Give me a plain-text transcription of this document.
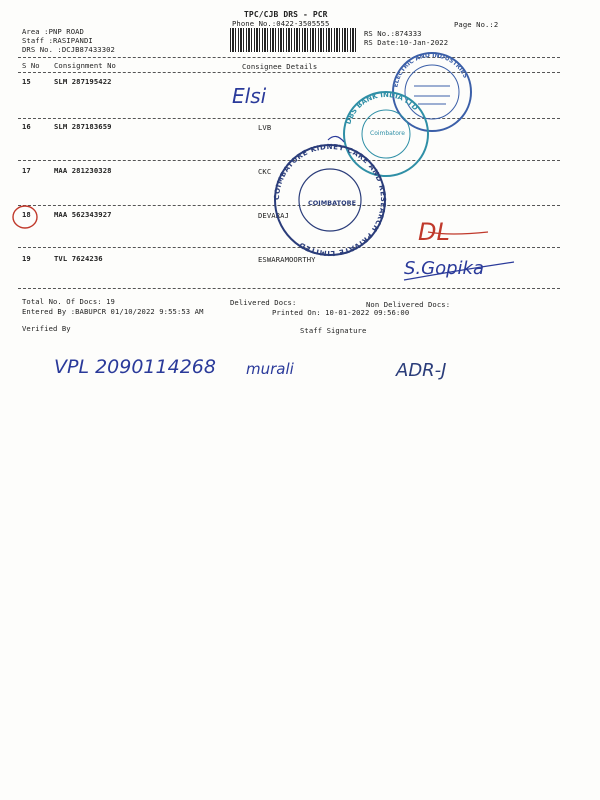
TPC/CJB DRS - PCR
Phone No.:0422-3505555	Page No.:2
Area :PNP ROAD
Staff :RASIPANDI
DRS No. :DCJB87433302
RS No.:874333
RS Date:10-Jan-2022
S No Consignment No	Consignee Details
15	SLM 287195422
Elsi
16	SLM 287183659	LVB
17	MAA 281230328	CKC
18	MAA 562343927	DEVARAJ
DL
19	TVL 7624236	ESWARAMOORTHY	S.Gopika
Total No. Of Docs: 19	Delivered Docs:	Non Delivered Docs:
Entered By :BABUPCR 01/10/2022 9:55:53 AM	Printed On: 10-01-2022 09:56:00
Verified By	Staff Signature
VPL 2090114268 murali	ADR-J
ELECTRIC AND INDUSTRIES
DBS BANK INDIA LTD
Coimbatore
COIMBATORE KIDNEY CARE AND RESEARCH PRIVATE LIMITED
COIMBATORE
